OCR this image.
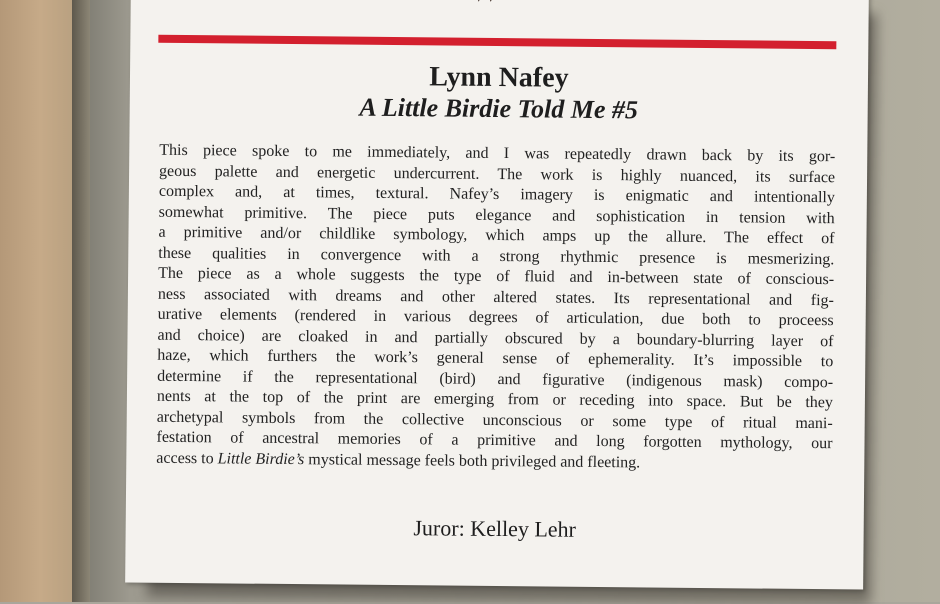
Lynn Nafey
A Little Birdie Told Me #5
This piece spoke to me immediately, and I was repeatedly drawn back by its gor-
geous palette and energetic undercurrent. The work is highly nuanced, its surface
complex and, at times, textural. Nafey’s imagery is enigmatic and intentionally
somewhat primitive. The piece puts elegance and sophistication in tension with
a primitive and/or childlike symbology, which amps up the allure. The effect of
these qualities in convergence with a strong rhythmic presence is mesmerizing.
The piece as a whole suggests the type of fluid and in-between state of conscious-
ness associated with dreams and other altered states. Its representational and fig-
urative elements (rendered in various degrees of articulation, due both to proceess
and choice) are cloaked in and partially obscured by a boundary-blurring layer of
haze, which furthers the work’s general sense of ephemerality. It’s impossible to
determine if the representational (bird) and figurative (indigenous mask) compo-
nents at the top of the print are emerging from or receding into space. But be they
archetypal symbols from the collective unconscious or some type of ritual mani-
festation of ancestral memories of a primitive and long forgotten mythology, our
access to Little Birdie’s mystical message feels both privileged and fleeting.

Juror: Kelley Lehr
